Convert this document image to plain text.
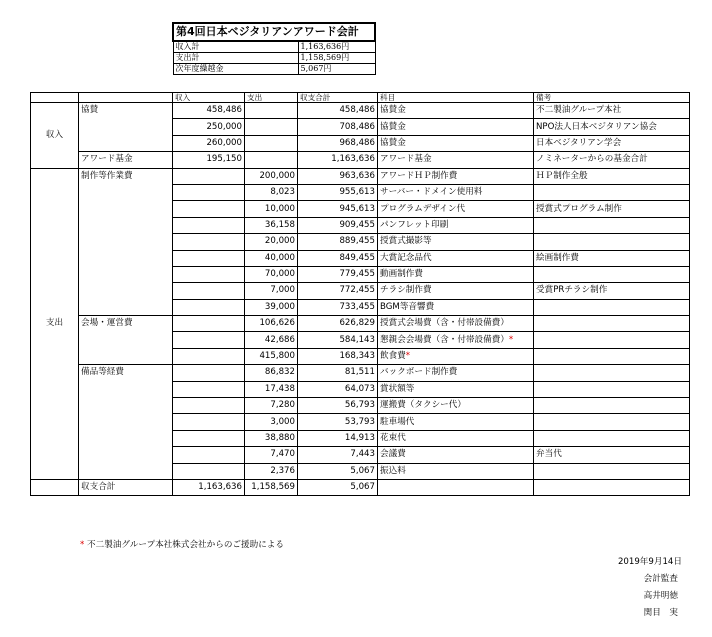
第4回日本ベジタリアンアワード会計	
収入計	1,163,636円
支出計	1,158,569円
次年度繰越金	5,067円
		収入	支出	収支合計	科目	備考
収入	協賛	458,486		458,486	協賛金	不二製油グループ本社
		250,000		708,486	協賛金	NPO法人日本ベジタリアン協会
		260,000		968,486	協賛金	日本ベジタリアン学会
	アワード基金	195,150		1,163,636	アワード基金	ノミネーターからの基金合計
支出	制作等作業費		200,000	963,636	アワードＨＰ制作費	ＨＰ制作全般
			8,023	955,613	サーバー・ドメイン使用料	
			10,000	945,613	プログラムデザイン代	授賞式プログラム制作
			36,158	909,455	パンフレット印刷	
			20,000	889,455	授賞式撮影等	
			40,000	849,455	大賞記念品代	絵画制作費
			70,000	779,455	動画制作費	
			7,000	772,455	チラシ制作費	受賞PRチラシ制作
			39,000	733,455	BGM等音響費	
	会場・運営費		106,626	626,829	授賞式会場費（含・付帯設備費）	
			42,686	584,143	懇親会会場費（含・付帯設備費）*	
			415,800	168,343	飲食費*	
	備品等経費		86,832	81,511	バックボード制作費	
			17,438	64,073	賞状額等	
			7,280	56,793	運搬費（タクシー代）	
			3,000	53,793	駐車場代	
			38,880	14,913	花束代	
			7,470	7,443	会議費	弁当代
			2,376	5,067	振込料	
	収支合計	1,163,636	1,158,569	5,067		
* 不二製油グループ本社株式会社からのご援助による
2019年9月14日
会計監査
高井明徳
関目　実
